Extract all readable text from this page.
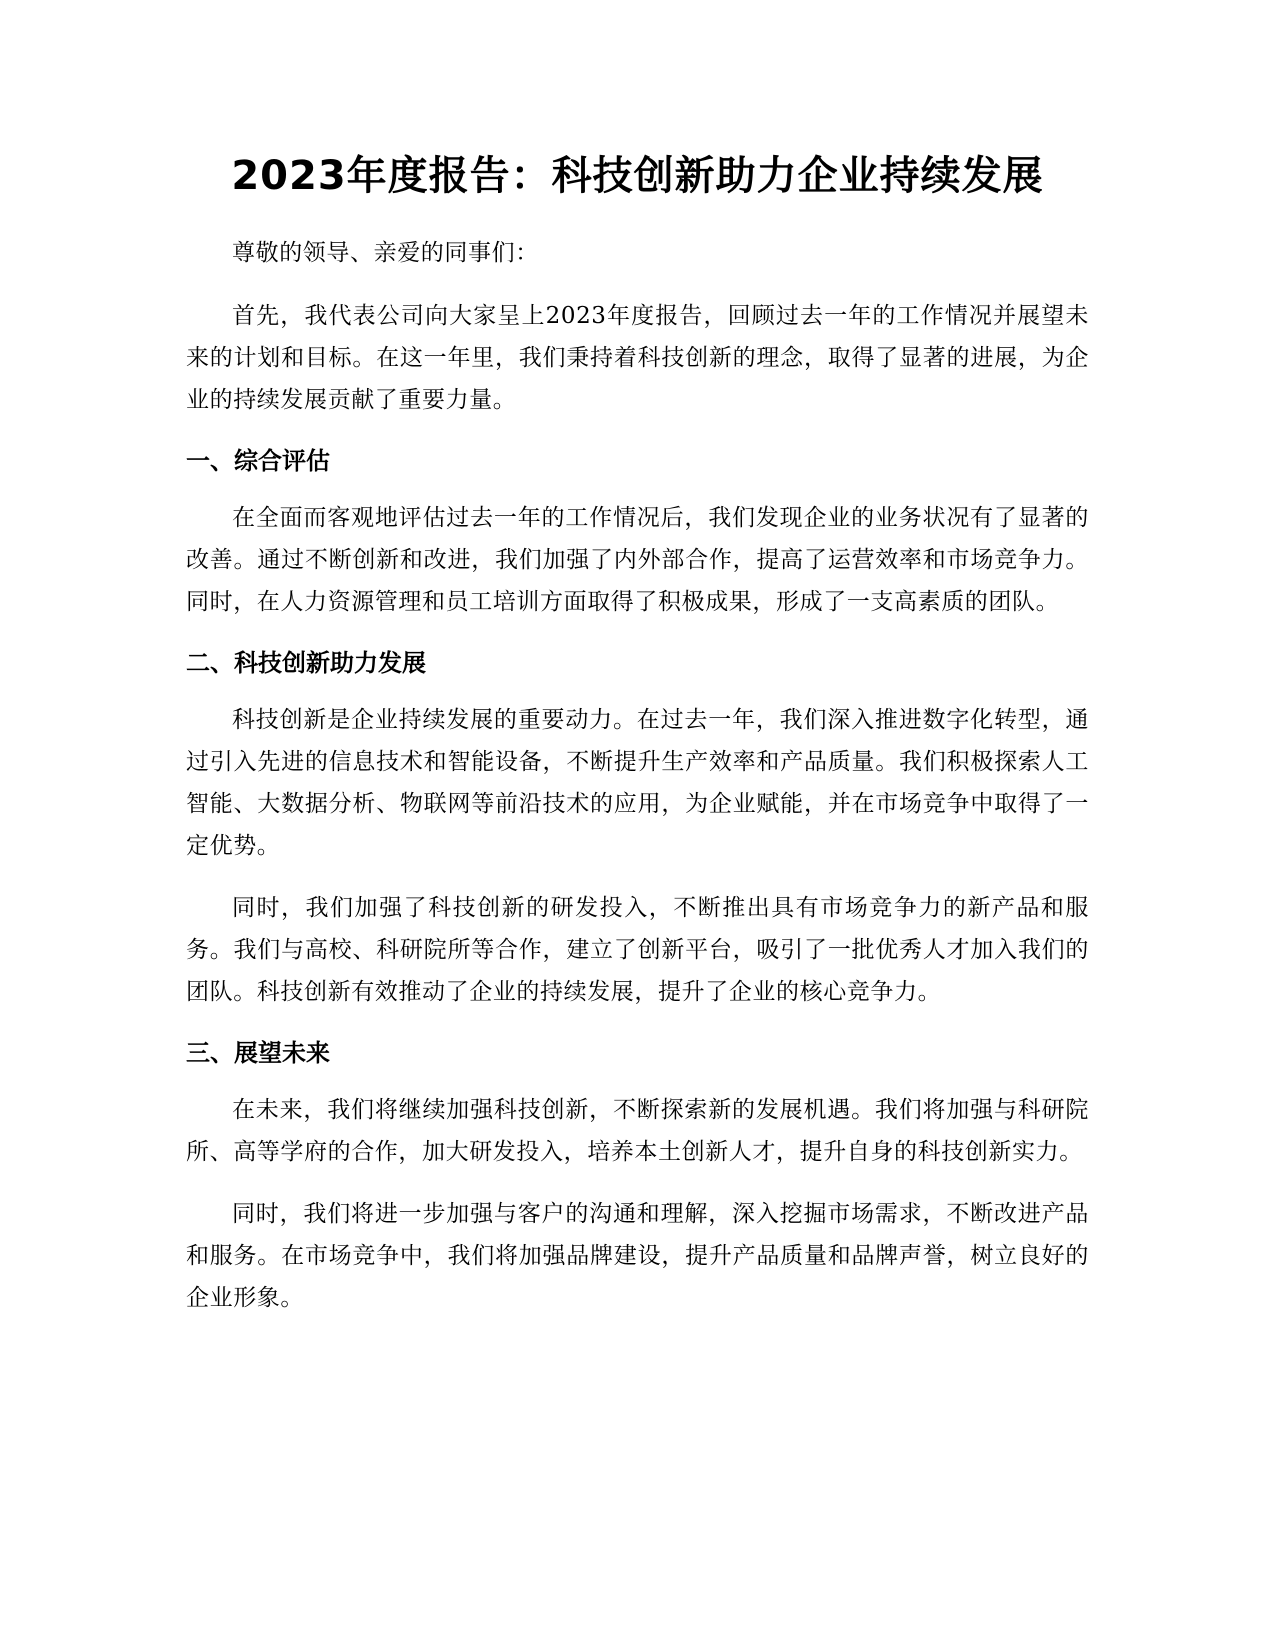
2023年度报告：科技创新助力企业持续发展

尊敬的领导、亲爱的同事们：

首先，我代表公司向大家呈上2023年度报告，回顾过去一年的工作情况并展望未来的计划和目标。在这一年里，我们秉持着科技创新的理念，取得了显著的进展，为企业的持续发展贡献了重要力量。

一、综合评估

在全面而客观地评估过去一年的工作情况后，我们发现企业的业务状况有了显著的改善。通过不断创新和改进，我们加强了内外部合作，提高了运营效率和市场竞争力。同时，在人力资源管理和员工培训方面取得了积极成果，形成了一支高素质的团队。

二、科技创新助力发展

科技创新是企业持续发展的重要动力。在过去一年，我们深入推进数字化转型，通过引入先进的信息技术和智能设备，不断提升生产效率和产品质量。我们积极探索人工智能、大数据分析、物联网等前沿技术的应用，为企业赋能，并在市场竞争中取得了一定优势。

同时，我们加强了科技创新的研发投入，不断推出具有市场竞争力的新产品和服务。我们与高校、科研院所等合作，建立了创新平台，吸引了一批优秀人才加入我们的团队。科技创新有效推动了企业的持续发展，提升了企业的核心竞争力。

三、展望未来

在未来，我们将继续加强科技创新，不断探索新的发展机遇。我们将加强与科研院所、高等学府的合作，加大研发投入，培养本土创新人才，提升自身的科技创新实力。

同时，我们将进一步加强与客户的沟通和理解，深入挖掘市场需求，不断改进产品和服务。在市场竞争中，我们将加强品牌建设，提升产品质量和品牌声誉，树立良好的企业形象。
